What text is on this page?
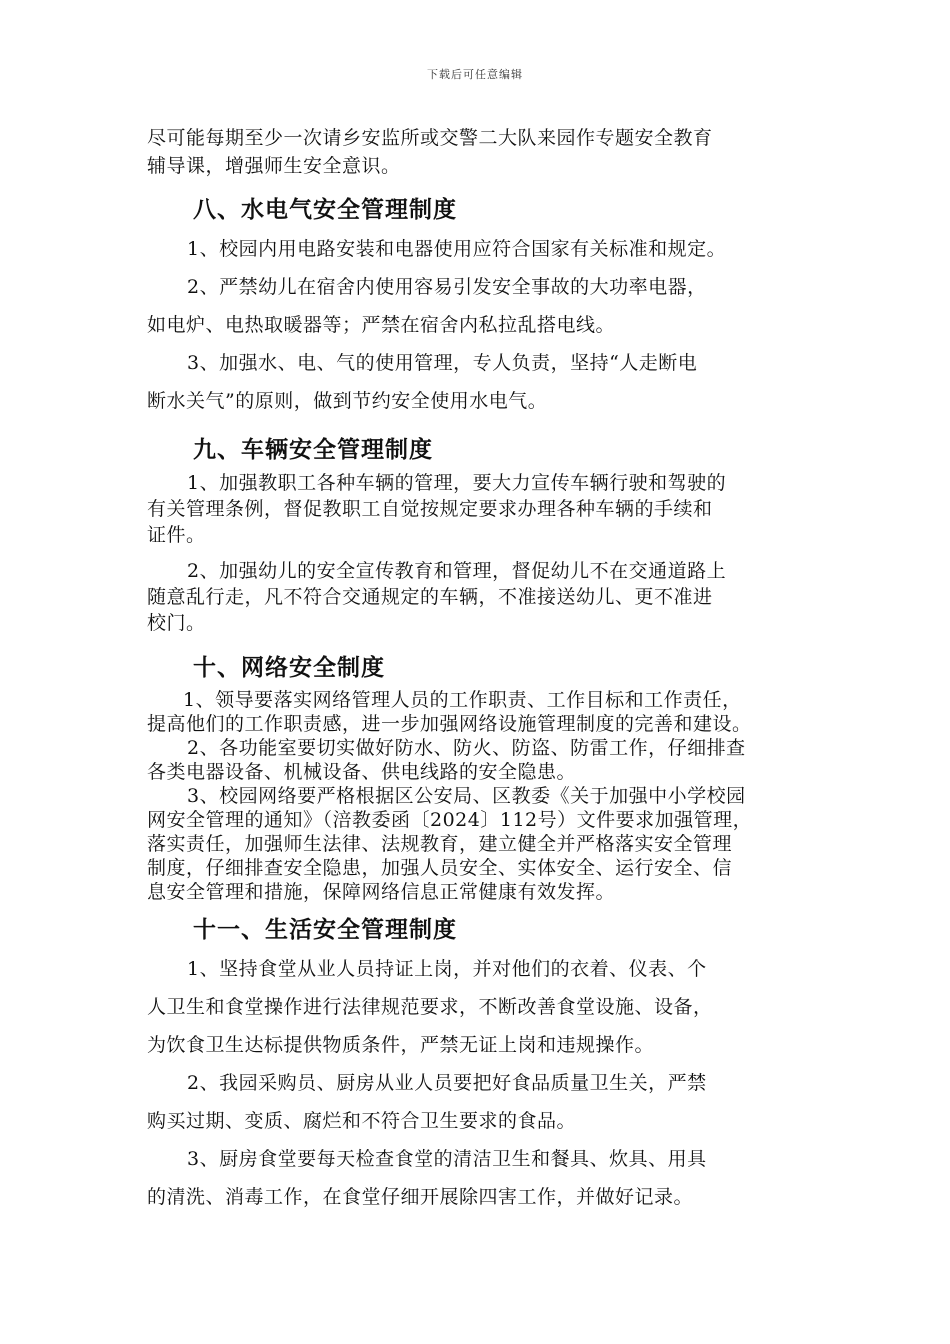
下载后可任意编辑

尽可能每期至少一次请乡安监所或交警二大队来园作专题安全教育

辅导课，增强师生安全意识。

八、水电气安全管理制度

1、校园内用电路安装和电器使用应符合国家有关标准和规定。

2、严禁幼儿在宿舍内使用容易引发安全事故的大功率电器，

如电炉、电热取暖器等；严禁在宿舍内私拉乱搭电线。

3、加强水、电、气的使用管理，专人负责，坚持“人走断电

断水关气”的原则，做到节约安全使用水电气。

九、车辆安全管理制度

1、加强教职工各种车辆的管理，要大力宣传车辆行驶和驾驶的

有关管理条例，督促教职工自觉按规定要求办理各种车辆的手续和

证件。

2、加强幼儿的安全宣传教育和管理，督促幼儿不在交通道路上

随意乱行走，凡不符合交通规定的车辆，不准接送幼儿、更不准进

校门。

十、网络安全制度

1、领导要落实网络管理人员的工作职责、工作目标和工作责任，

提高他们的工作职责感，进一步加强网络设施管理制度的完善和建设。

2、各功能室要切实做好防水、防火、防盗、防雷工作，仔细排查

各类电器设备、机械设备、供电线路的安全隐患。

3、校园网络要严格根据区公安局、区教委《关于加强中小学校园

网安全管理的通知》（涪教委函〔2024〕112号）文件要求加强管理，

落实责任，加强师生法律、法规教育，建立健全并严格落实安全管理

制度，仔细排查安全隐患，加强人员安全、实体安全、运行安全、信

息安全管理和措施，保障网络信息正常健康有效发挥。

十一、生活安全管理制度

1、坚持食堂从业人员持证上岗，并对他们的衣着、仪表、个

人卫生和食堂操作进行法律规范要求，不断改善食堂设施、设备，

为饮食卫生达标提供物质条件，严禁无证上岗和违规操作。

2、我园采购员、厨房从业人员要把好食品质量卫生关，严禁

购买过期、变质、腐烂和不符合卫生要求的食品。

3、厨房食堂要每天检查食堂的清洁卫生和餐具、炊具、用具

的清洗、消毒工作，在食堂仔细开展除四害工作，并做好记录。
